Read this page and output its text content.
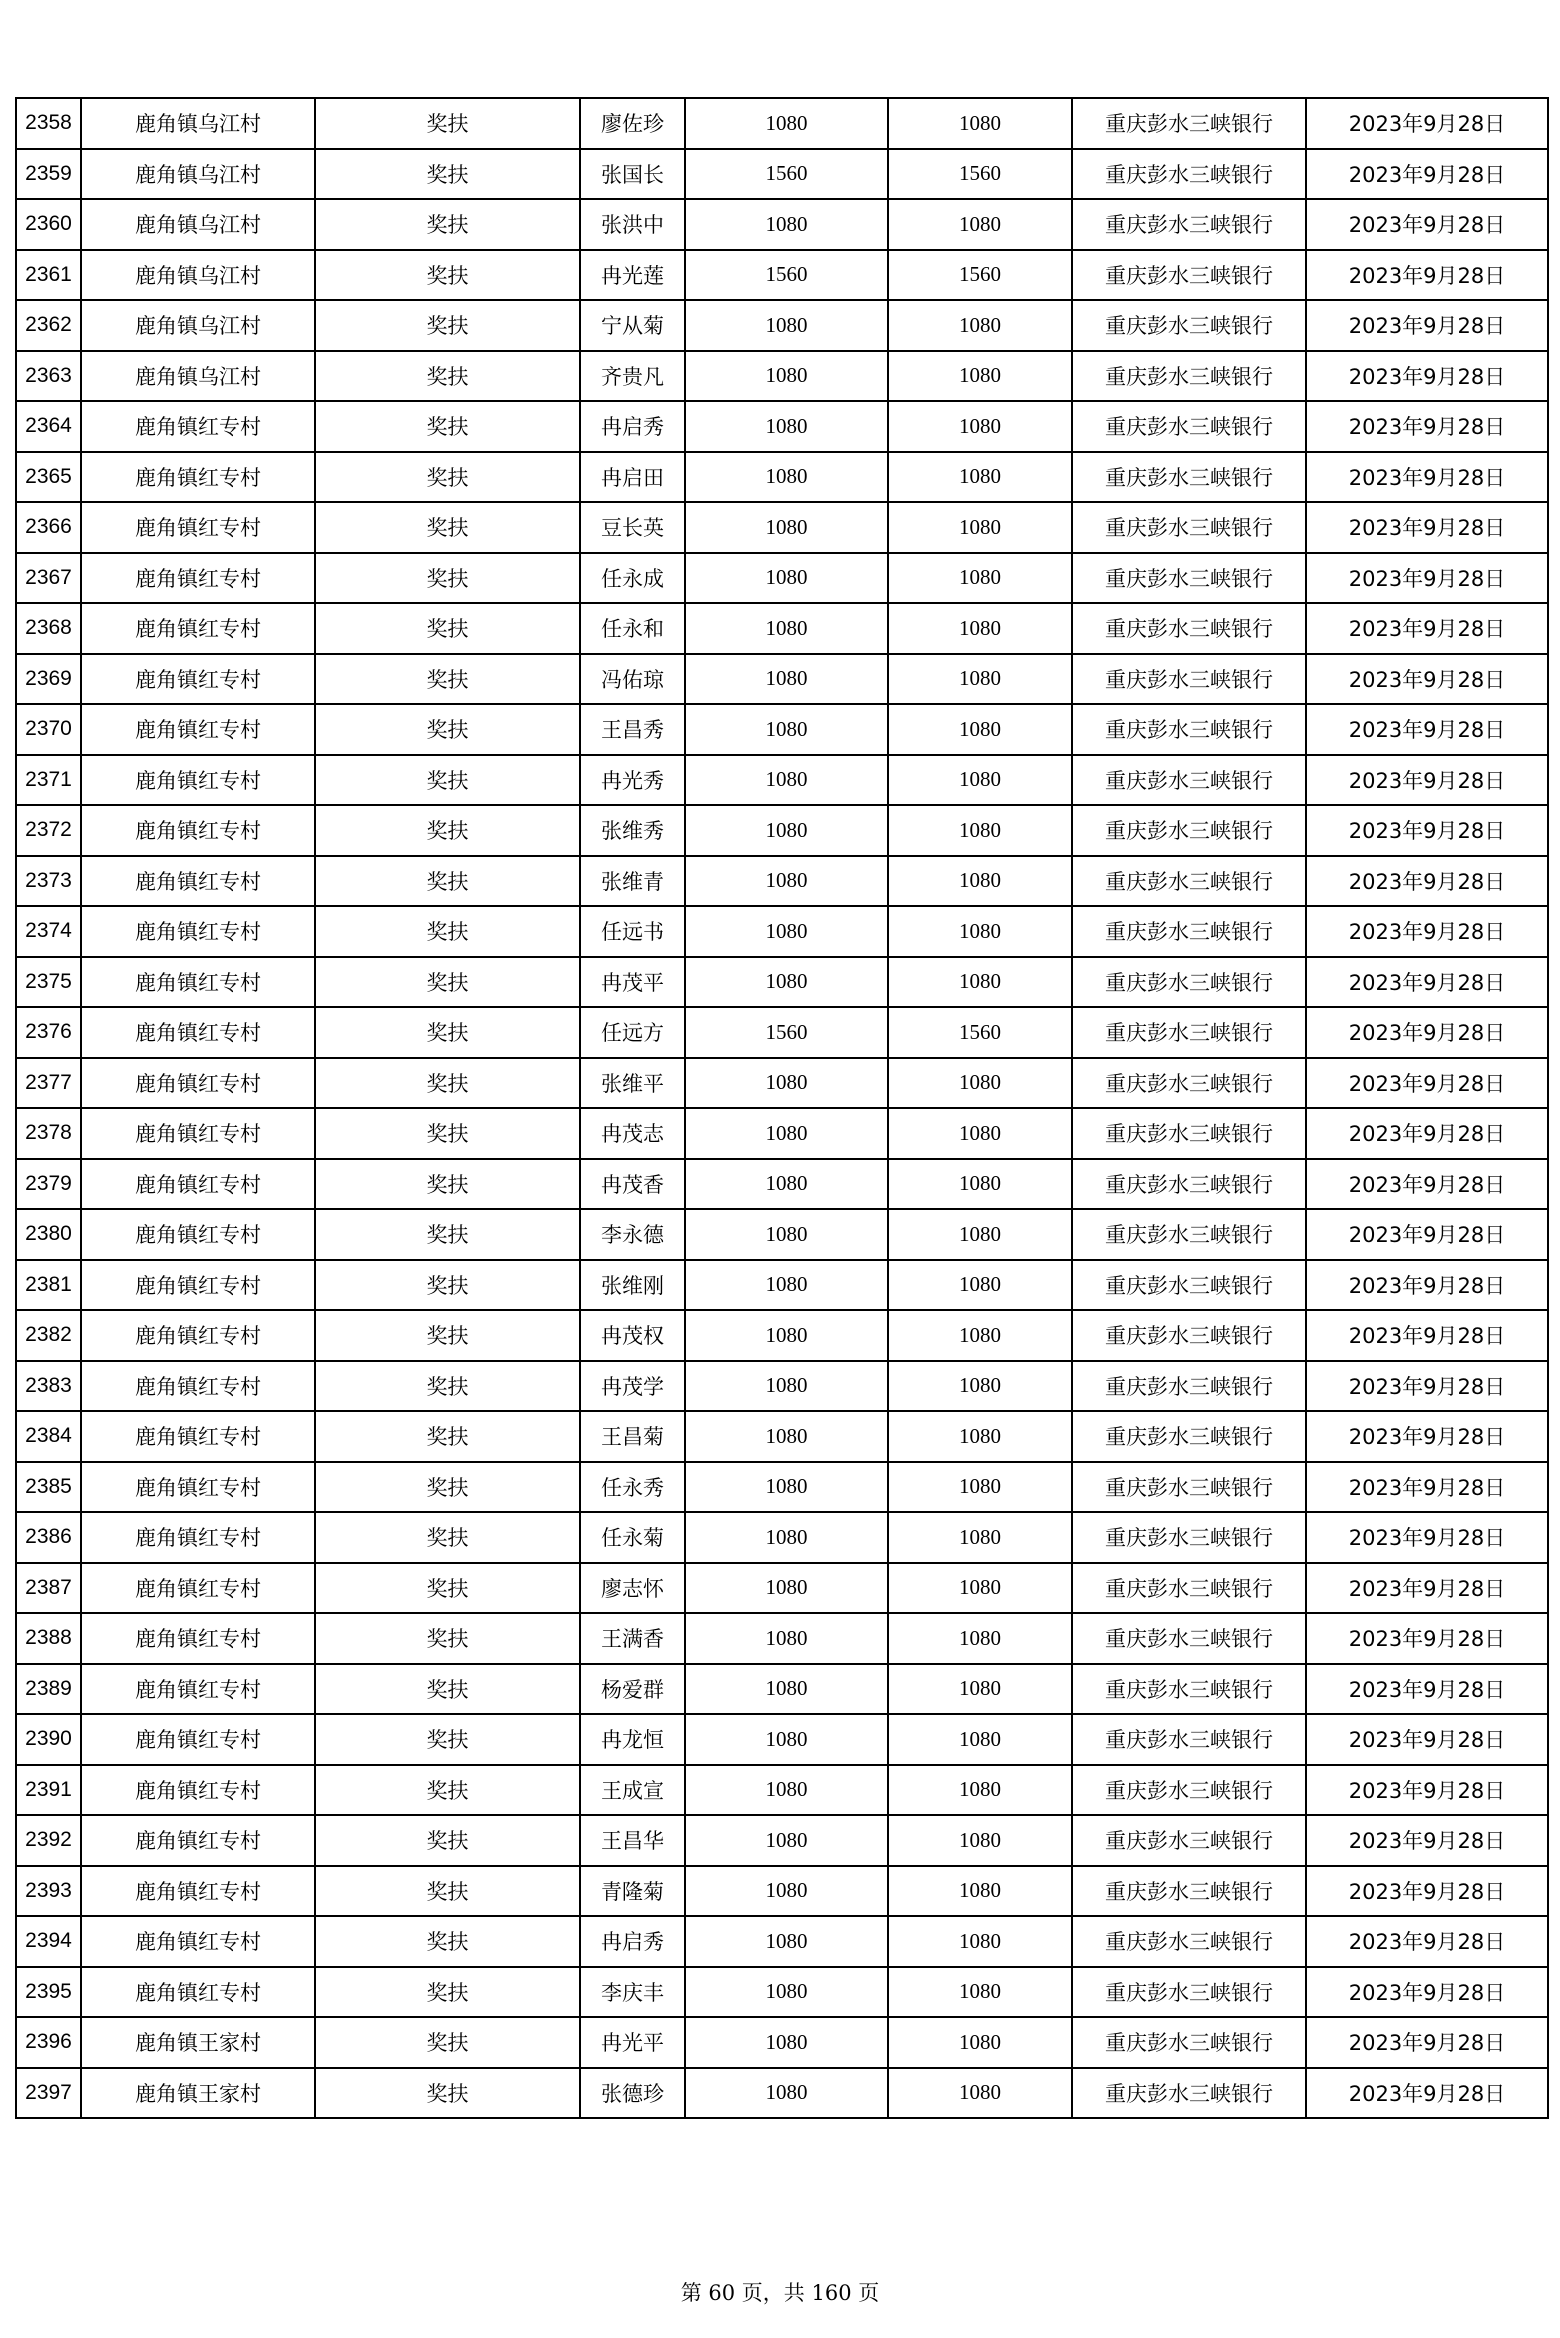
2358	鹿角镇乌江村	奖扶	廖佐珍	1080	1080	重庆彭水三峡银行	2023年9月28日
2359	鹿角镇乌江村	奖扶	张国长	1560	1560	重庆彭水三峡银行	2023年9月28日
2360	鹿角镇乌江村	奖扶	张洪中	1080	1080	重庆彭水三峡银行	2023年9月28日
2361	鹿角镇乌江村	奖扶	冉光莲	1560	1560	重庆彭水三峡银行	2023年9月28日
2362	鹿角镇乌江村	奖扶	宁从菊	1080	1080	重庆彭水三峡银行	2023年9月28日
2363	鹿角镇乌江村	奖扶	齐贵凡	1080	1080	重庆彭水三峡银行	2023年9月28日
2364	鹿角镇红专村	奖扶	冉启秀	1080	1080	重庆彭水三峡银行	2023年9月28日
2365	鹿角镇红专村	奖扶	冉启田	1080	1080	重庆彭水三峡银行	2023年9月28日
2366	鹿角镇红专村	奖扶	豆长英	1080	1080	重庆彭水三峡银行	2023年9月28日
2367	鹿角镇红专村	奖扶	任永成	1080	1080	重庆彭水三峡银行	2023年9月28日
2368	鹿角镇红专村	奖扶	任永和	1080	1080	重庆彭水三峡银行	2023年9月28日
2369	鹿角镇红专村	奖扶	冯佑琼	1080	1080	重庆彭水三峡银行	2023年9月28日
2370	鹿角镇红专村	奖扶	王昌秀	1080	1080	重庆彭水三峡银行	2023年9月28日
2371	鹿角镇红专村	奖扶	冉光秀	1080	1080	重庆彭水三峡银行	2023年9月28日
2372	鹿角镇红专村	奖扶	张维秀	1080	1080	重庆彭水三峡银行	2023年9月28日
2373	鹿角镇红专村	奖扶	张维青	1080	1080	重庆彭水三峡银行	2023年9月28日
2374	鹿角镇红专村	奖扶	任远书	1080	1080	重庆彭水三峡银行	2023年9月28日
2375	鹿角镇红专村	奖扶	冉茂平	1080	1080	重庆彭水三峡银行	2023年9月28日
2376	鹿角镇红专村	奖扶	任远方	1560	1560	重庆彭水三峡银行	2023年9月28日
2377	鹿角镇红专村	奖扶	张维平	1080	1080	重庆彭水三峡银行	2023年9月28日
2378	鹿角镇红专村	奖扶	冉茂志	1080	1080	重庆彭水三峡银行	2023年9月28日
2379	鹿角镇红专村	奖扶	冉茂香	1080	1080	重庆彭水三峡银行	2023年9月28日
2380	鹿角镇红专村	奖扶	李永德	1080	1080	重庆彭水三峡银行	2023年9月28日
2381	鹿角镇红专村	奖扶	张维刚	1080	1080	重庆彭水三峡银行	2023年9月28日
2382	鹿角镇红专村	奖扶	冉茂权	1080	1080	重庆彭水三峡银行	2023年9月28日
2383	鹿角镇红专村	奖扶	冉茂学	1080	1080	重庆彭水三峡银行	2023年9月28日
2384	鹿角镇红专村	奖扶	王昌菊	1080	1080	重庆彭水三峡银行	2023年9月28日
2385	鹿角镇红专村	奖扶	任永秀	1080	1080	重庆彭水三峡银行	2023年9月28日
2386	鹿角镇红专村	奖扶	任永菊	1080	1080	重庆彭水三峡银行	2023年9月28日
2387	鹿角镇红专村	奖扶	廖志怀	1080	1080	重庆彭水三峡银行	2023年9月28日
2388	鹿角镇红专村	奖扶	王满香	1080	1080	重庆彭水三峡银行	2023年9月28日
2389	鹿角镇红专村	奖扶	杨爱群	1080	1080	重庆彭水三峡银行	2023年9月28日
2390	鹿角镇红专村	奖扶	冉龙恒	1080	1080	重庆彭水三峡银行	2023年9月28日
2391	鹿角镇红专村	奖扶	王成宣	1080	1080	重庆彭水三峡银行	2023年9月28日
2392	鹿角镇红专村	奖扶	王昌华	1080	1080	重庆彭水三峡银行	2023年9月28日
2393	鹿角镇红专村	奖扶	青隆菊	1080	1080	重庆彭水三峡银行	2023年9月28日
2394	鹿角镇红专村	奖扶	冉启秀	1080	1080	重庆彭水三峡银行	2023年9月28日
2395	鹿角镇红专村	奖扶	李庆丰	1080	1080	重庆彭水三峡银行	2023年9月28日
2396	鹿角镇王家村	奖扶	冉光平	1080	1080	重庆彭水三峡银行	2023年9月28日
2397	鹿角镇王家村	奖扶	张德珍	1080	1080	重庆彭水三峡银行	2023年9月28日
第 60 页，共 160 页
